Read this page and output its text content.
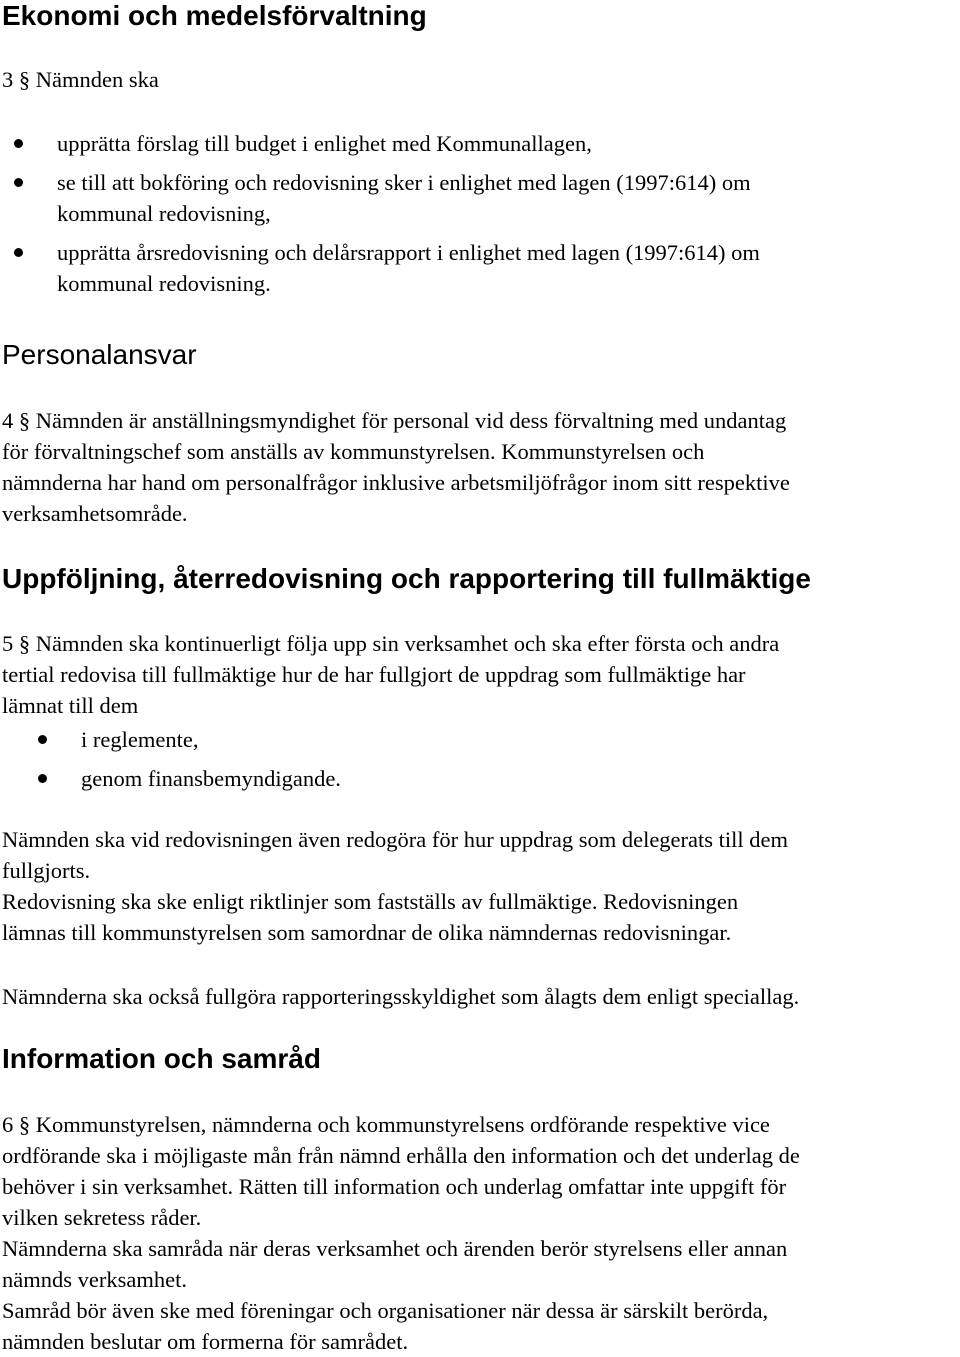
Ekonomi och medelsförvaltning

3 § Nämnden ska

upprätta förslag till budget i enlighet med Kommunallagen,
se till att bokföring och redovisning sker i enlighet med lagen (1997:614) om
kommunal redovisning,
upprätta årsredovisning och delårsrapport i enlighet med lagen (1997:614) om
kommunal redovisning.
Personalansvar

4 § Nämnden är anställningsmyndighet för personal vid dess förvaltning med undantag
för förvaltningschef som anställs av kommunstyrelsen. Kommunstyrelsen och
nämnderna har hand om personalfrågor inklusive arbetsmiljöfrågor inom sitt respektive
verksamhetsområde.

Uppföljning, återredovisning och rapportering till fullmäktige

5 § Nämnden ska kontinuerligt följa upp sin verksamhet och ska efter första och andra
tertial redovisa till fullmäktige hur de har fullgjort de uppdrag som fullmäktige har
lämnat till dem

i reglemente,
genom finansbemyndigande.

Nämnden ska vid redovisningen även redogöra för hur uppdrag som delegerats till dem
fullgjorts.
Redovisning ska ske enligt riktlinjer som fastställs av fullmäktige. Redovisningen
lämnas till kommunstyrelsen som samordnar de olika nämndernas redovisningar.

Nämnderna ska också fullgöra rapporteringsskyldighet som ålagts dem enligt speciallag.

Information och samråd

6 § Kommunstyrelsen, nämnderna och kommunstyrelsens ordförande respektive vice
ordförande ska i möjligaste mån från nämnd erhålla den information och det underlag de
behöver i sin verksamhet. Rätten till information och underlag omfattar inte uppgift för
vilken sekretess råder.
Nämnderna ska samråda när deras verksamhet och ärenden berör styrelsens eller annan
nämnds verksamhet.
Samråd bör även ske med föreningar och organisationer när dessa är särskilt berörda,
nämnden beslutar om formerna för samrådet.
